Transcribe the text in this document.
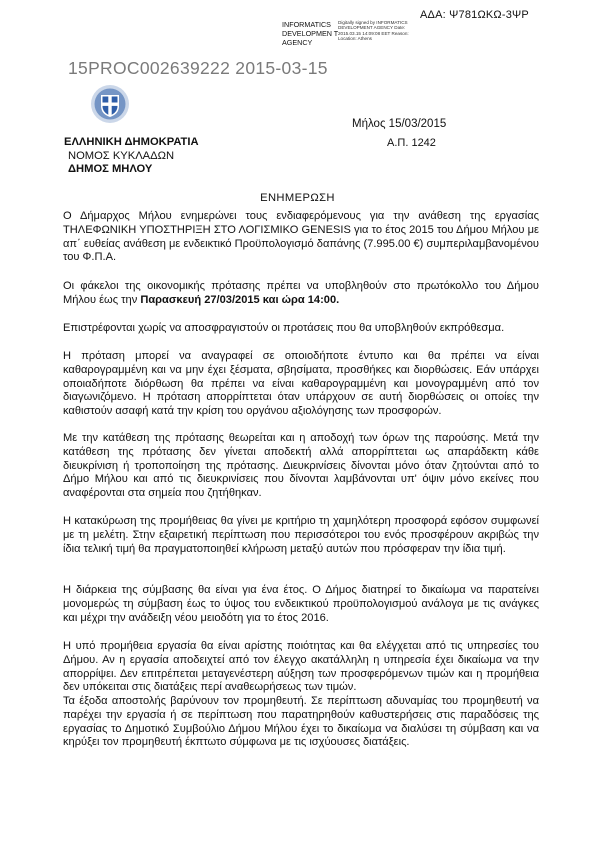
ΑΔΑ: Ψ781ΩΚΩ-3ΨΡ
INFORMATICS DEVELOPMEN T AGENCY
Digitally signed by INFORMATICS DEVELOPMENT AGENCY Date: 2015.03.15 14:09:08 EET Reason: Location: Athens
15PROC002639222 2015-03-15
Μήλος 15/03/2015
Α.Π. 1242
ΕΛΛΗΝΙΚΗ ΔΗΜΟΚΡΑΤΙΑ
ΝΟΜΟΣ ΚΥΚΛΑΔΩΝ
ΔΗΜΟΣ ΜΗΛΟΥ
ΕΝΗΜΕΡΩΣΗ

Ο Δήμαρχος Μήλου ενημερώνει τους ενδιαφερόμενους για την ανάθεση της εργασίας ΤΗΛΕΦΩΝΙΚΗ ΥΠΟΣΤΗΡΙΞΗ ΣΤΟ ΛΟΓΙΣΜΙΚΟ GENESIS για το έτος 2015 του Δήμου Μήλου με απ΄ ευθείας ανάθεση με ενδεικτικό Προϋπολογισμό δαπάνης (7.995.00 €) συμπεριλαμβανομένου του Φ.Π.Α.

Οι φάκελοι της οικονομικής πρότασης πρέπει να υποβληθούν στο πρωτόκολλο του Δήμου Μήλου έως την Παρασκευή 27/03/2015 και ώρα 14:00.

Επιστρέφονται χωρίς να αποσφραγιστούν οι προτάσεις που θα υποβληθούν εκπρόθεσμα.

Η πρόταση μπορεί να αναγραφεί σε οποιοδήποτε έντυπο και θα πρέπει να είναι καθαρογραμμένη και να μην έχει ξέσματα, σβησίματα, προσθήκες και διορθώσεις. Εάν υπάρχει οποιαδήποτε διόρθωση θα πρέπει να είναι καθαρογραμμένη και μονογραμμένη από τον διαγωνιζόμενο. Η πρόταση απορρίπτεται όταν υπάρχουν σε αυτή διορθώσεις οι οποίες την καθιστούν ασαφή κατά την κρίση του οργάνου αξιολόγησης των προσφορών.

Με την κατάθεση της πρότασης θεωρείται και η αποδοχή των όρων της παρούσης. Μετά την κατάθεση της πρότασης δεν γίνεται αποδεκτή αλλά απορρίπτεται ως απαράδεκτη κάθε διευκρίνιση ή τροποποίηση της πρότασης. Διευκρινίσεις δίνονται μόνο όταν ζητούνται από το Δήμο Μήλου και από τις διευκρινίσεις που δίνονται λαμβάνονται υπ' όψιν μόνο εκείνες που αναφέρονται στα σημεία που ζητήθηκαν.

Η κατακύρωση της προμήθειας θα γίνει με κριτήριο τη χαμηλότερη προσφορά εφόσον συμφωνεί με τη μελέτη. Στην εξαιρετική περίπτωση που περισσότεροι του ενός προσφέρουν ακριβώς την ίδια τελική τιμή θα πραγματοποιηθεί κλήρωση μεταξύ αυτών που πρόσφεραν την ίδια τιμή.

Η διάρκεια της σύμβασης θα είναι για ένα έτος. Ο Δήμος διατηρεί το δικαίωμα να παρατείνει μονομερώς τη σύμβαση έως το ύψος του ενδεικτικού προϋπολογισμού ανάλογα με τις ανάγκες και μέχρι την ανάδειξη νέου μειοδότη για το έτος 2016.

Η υπό προμήθεια εργασία θα είναι αρίστης ποιότητας και θα ελέγχεται από τις υπηρεσίες του Δήμου. Αν η εργασία αποδειχτεί από τον έλεγχο ακατάλληλη η υπηρεσία έχει δικαίωμα να την απορρίψει. Δεν επιτρέπεται μεταγενέστερη αύξηση των προσφερόμενων τιμών και η προμήθεια δεν υπόκειται στις διατάξεις περί αναθεωρήσεως των τιμών.

Τα έξοδα αποστολής βαρύνουν τον προμηθευτή. Σε περίπτωση αδυναμίας του προμηθευτή να παρέχει την εργασία ή σε περίπτωση που παρατηρηθούν καθυστερήσεις στις παραδόσεις της εργασίας το Δημοτικό Συμβούλιο Δήμου Μήλου έχει το δικαίωμα να διαλύσει τη σύμβαση και να κηρύξει τον προμηθευτή έκπτωτο σύμφωνα με τις ισχύουσες διατάξεις.
